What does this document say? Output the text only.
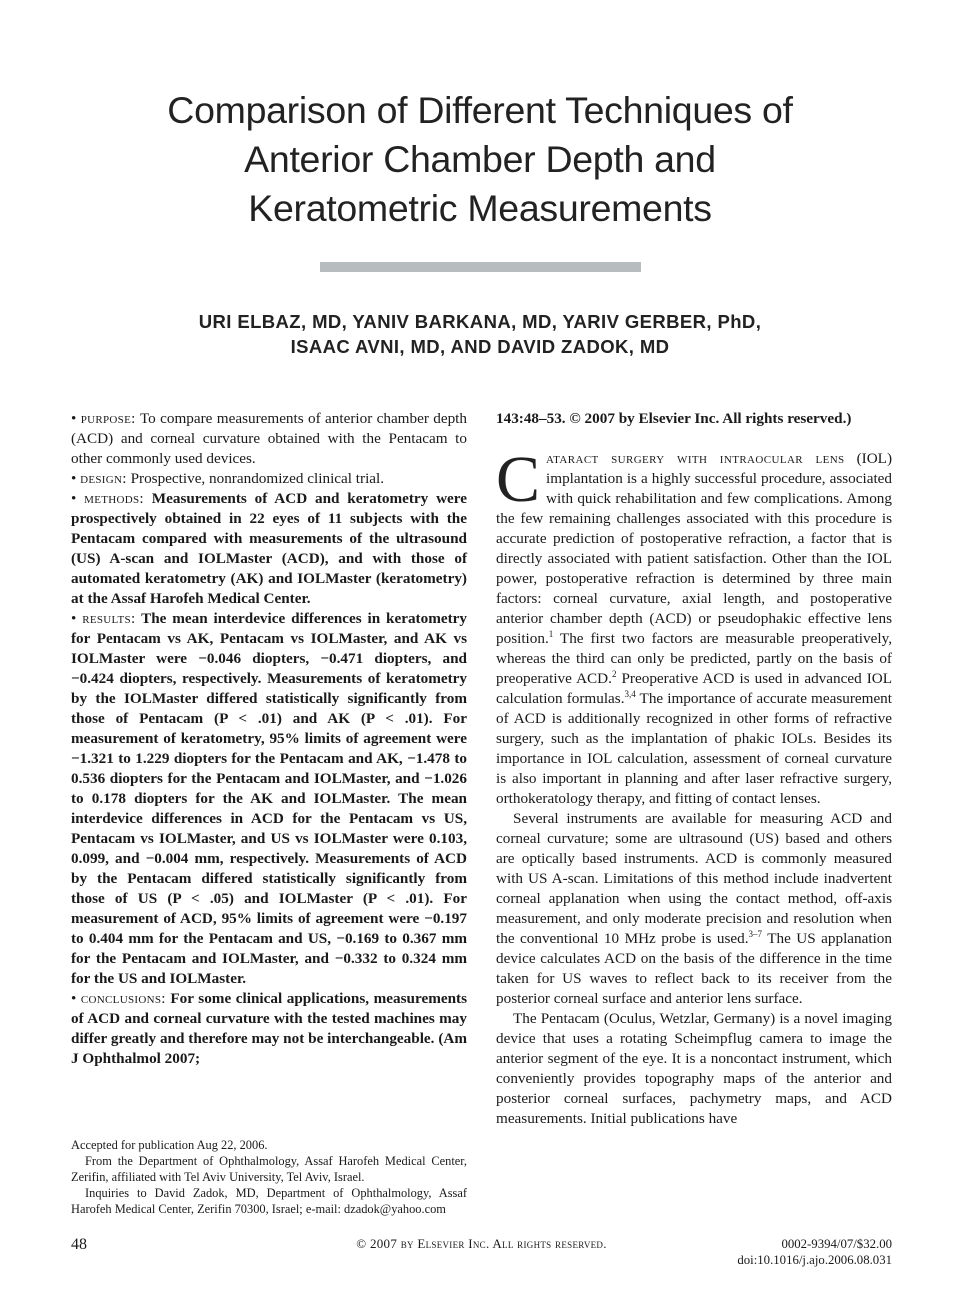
Comparison of Different Techniques of
Anterior Chamber Depth and
Keratometric Measurements
URI ELBAZ, MD, YANIV BARKANA, MD, YARIV GERBER, PhD,
ISAAC AVNI, MD, AND DAVID ZADOK, MD

• purpose: To compare measurements of anterior chamber depth (ACD) and corneal curvature obtained with the Pentacam to other commonly used devices.

• design: Prospective, nonrandomized clinical trial.

• methods: Measurements of ACD and keratometry were prospectively obtained in 22 eyes of 11 subjects with the Pentacam compared with measurements of the ultrasound (US) A-scan and IOLMaster (ACD), and with those of automated keratometry (AK) and IOLMaster (keratometry) at the Assaf Harofeh Medical Center.

• results: The mean interdevice differences in keratometry for Pentacam vs AK, Pentacam vs IOLMaster, and AK vs IOLMaster were −0.046 diopters, −0.471 diopters, and −0.424 diopters, respectively. Measurements of keratometry by the IOLMaster differed statistically significantly from those of Pentacam (P < .01) and AK (P < .01). For measurement of keratometry, 95% limits of agreement were −1.321 to 1.229 diopters for the Pentacam and AK, −1.478 to 0.536 diopters for the Pentacam and IOLMaster, and −1.026 to 0.178 diopters for the AK and IOLMaster. The mean interdevice differences in ACD for the Pentacam vs US, Pentacam vs IOLMaster, and US vs IOLMaster were 0.103, 0.099, and −0.004 mm, respectively. Measurements of ACD by the Pentacam differed statistically significantly from those of US (P < .05) and IOLMaster (P < .01). For measurement of ACD, 95% limits of agreement were −0.197 to 0.404 mm for the Pentacam and US, −0.169 to 0.367 mm for the Pentacam and IOLMaster, and −0.332 to 0.324 mm for the US and IOLMaster.

• conclusions: For some clinical applications, measurements of ACD and corneal curvature with the tested machines may differ greatly and therefore may not be interchangeable. (Am J Ophthalmol 2007;

143:48–53. © 2007 by Elsevier Inc. All rights reserved.)

Cataract surgery with intraocular lens (IOL) implantation is a highly successful procedure, associated with quick rehabilitation and few complications. Among the few remaining challenges associated with this procedure is accurate prediction of postoperative refraction, a factor that is directly associated with patient satisfaction. Other than the IOL power, postoperative refraction is determined by three main factors: corneal curvature, axial length, and postoperative anterior chamber depth (ACD) or pseudophakic effective lens position.$^1$ The first two factors are measurable preoperatively, whereas the third can only be predicted, partly on the basis of preoperative ACD.$^2$ Preoperative ACD is used in advanced IOL calculation formulas.$^{3,4}$ The importance of accurate measurement of ACD is additionally recognized in other forms of refractive surgery, such as the implantation of phakic IOLs. Besides its importance in IOL calculation, assessment of corneal curvature is also important in planning and after laser refractive surgery, orthokeratology therapy, and fitting of contact lenses.

Several instruments are available for measuring ACD and corneal curvature; some are ultrasound (US) based and others are optically based instruments. ACD is commonly measured with US A-scan. Limitations of this method include inadvertent corneal applanation when using the contact method, off-axis measurement, and only moderate precision and resolution when the conventional 10 MHz probe is used.$^{3-7}$ The US applanation device calculates ACD on the basis of the difference in the time taken for US waves to reflect back to its receiver from the posterior corneal surface and anterior lens surface.

The Pentacam (Oculus, Wetzlar, Germany) is a novel imaging device that uses a rotating Scheimpflug camera to image the anterior segment of the eye. It is a noncontact instrument, which conveniently provides topography maps of the anterior and posterior corneal surfaces, pachymetry maps, and ACD measurements. Initial publications have

Accepted for publication Aug 22, 2006.

From the Department of Ophthalmology, Assaf Harofeh Medical Center, Zerifin, affiliated with Tel Aviv University, Tel Aviv, Israel.

Inquiries to David Zadok, MD, Department of Ophthalmology, Assaf Harofeh Medical Center, Zerifin 70300, Israel; e-mail: dzadok@yahoo.com

48	© 2007 by Elsevier Inc. All rights reserved.	0002-9394/07/$32.00
doi:10.1016/j.ajo.2006.08.031
